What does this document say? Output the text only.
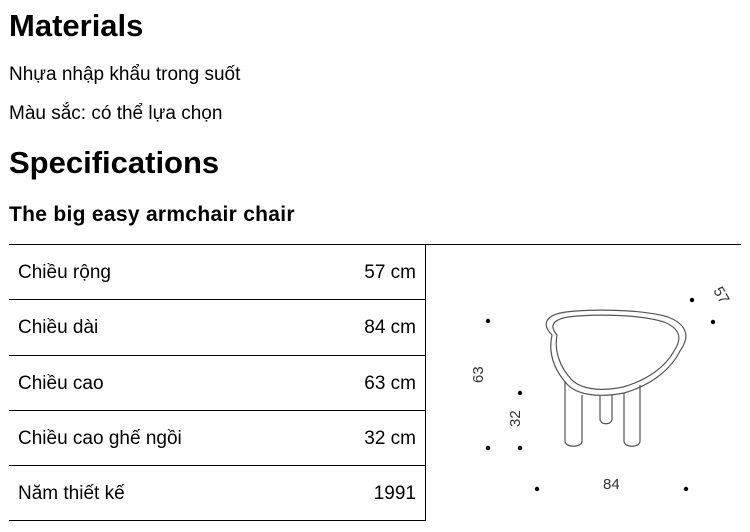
Materials

Nhựa nhập khẩu trong suốt

Màu sắc: có thể lựa chọn

Specifications
The big easy armchair chair
Chiều rộng	57 cm
Chiều dài	84 cm
Chiều cao	63 cm
Chiều cao ghế ngồi	32 cm
Năm thiết kế	1991
57
63
32
84
